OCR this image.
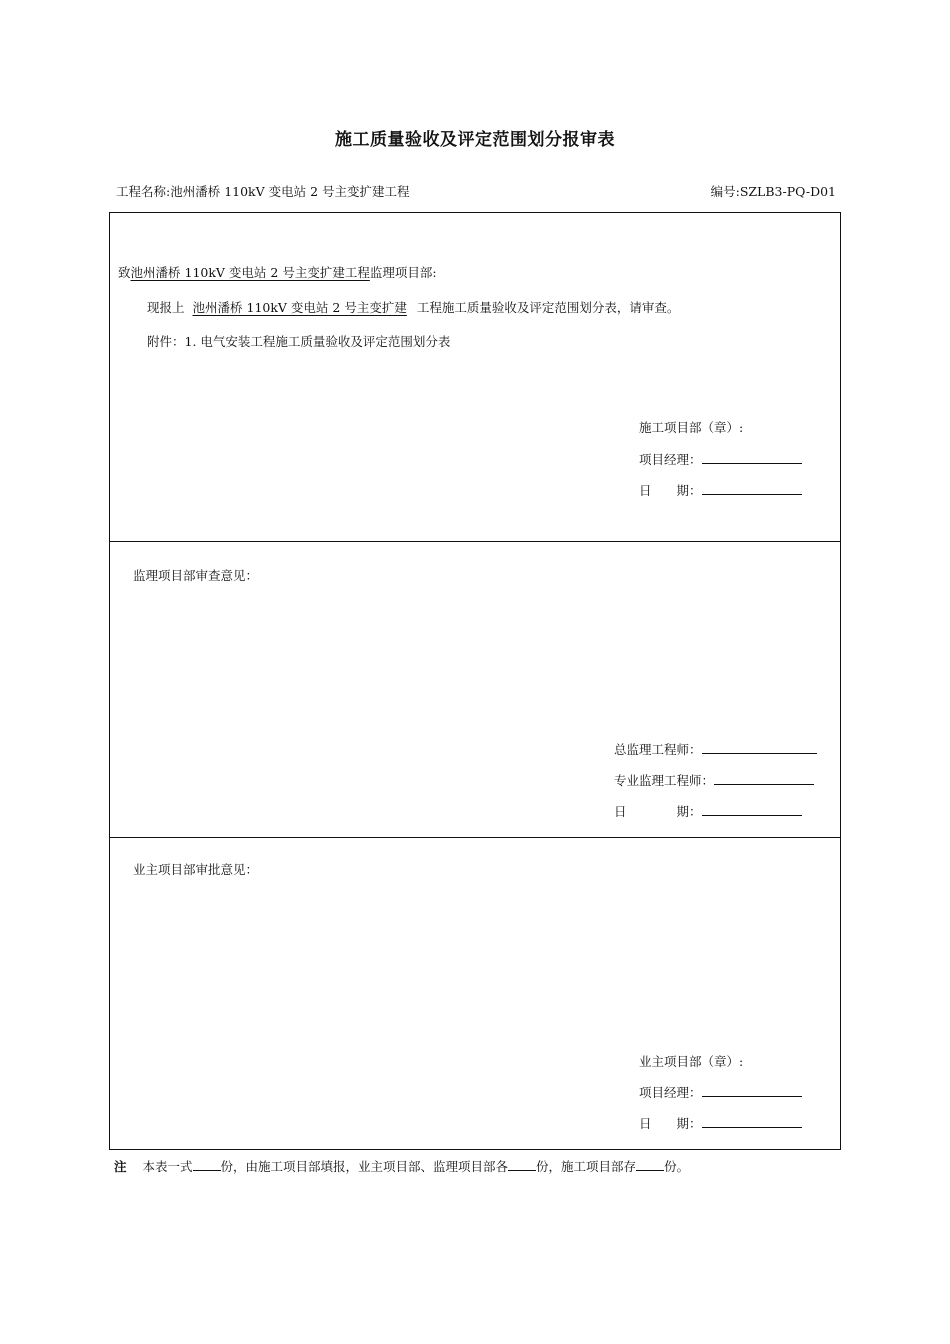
施工质量验收及评定范围划分报审表
工程名称:池州潘桥 110kV 变电站 2 号主变扩建工程	编号:SZLB3-PQ-D01
致池州潘桥 110kV 变电站 2 号主变扩建工程监理项目部:
现报上 池州潘桥 110kV 变电站 2 号主变扩建 工程施工质量验收及评定范围划分表，请审查。
附件：1. 电气安装工程施工质量验收及评定范围划分表
施工项目部（章）:
项目经理：
日　　期：
监理项目部审查意见：
总监理工程师：
专业监理工程师：
日　　　　期：
业主项目部审批意见：
业主项目部（章）:
项目经理：
日　　期：
注 本表一式 份，由施工项目部填报，业主项目部、监理项目部各 份，施工项目部存 份。
